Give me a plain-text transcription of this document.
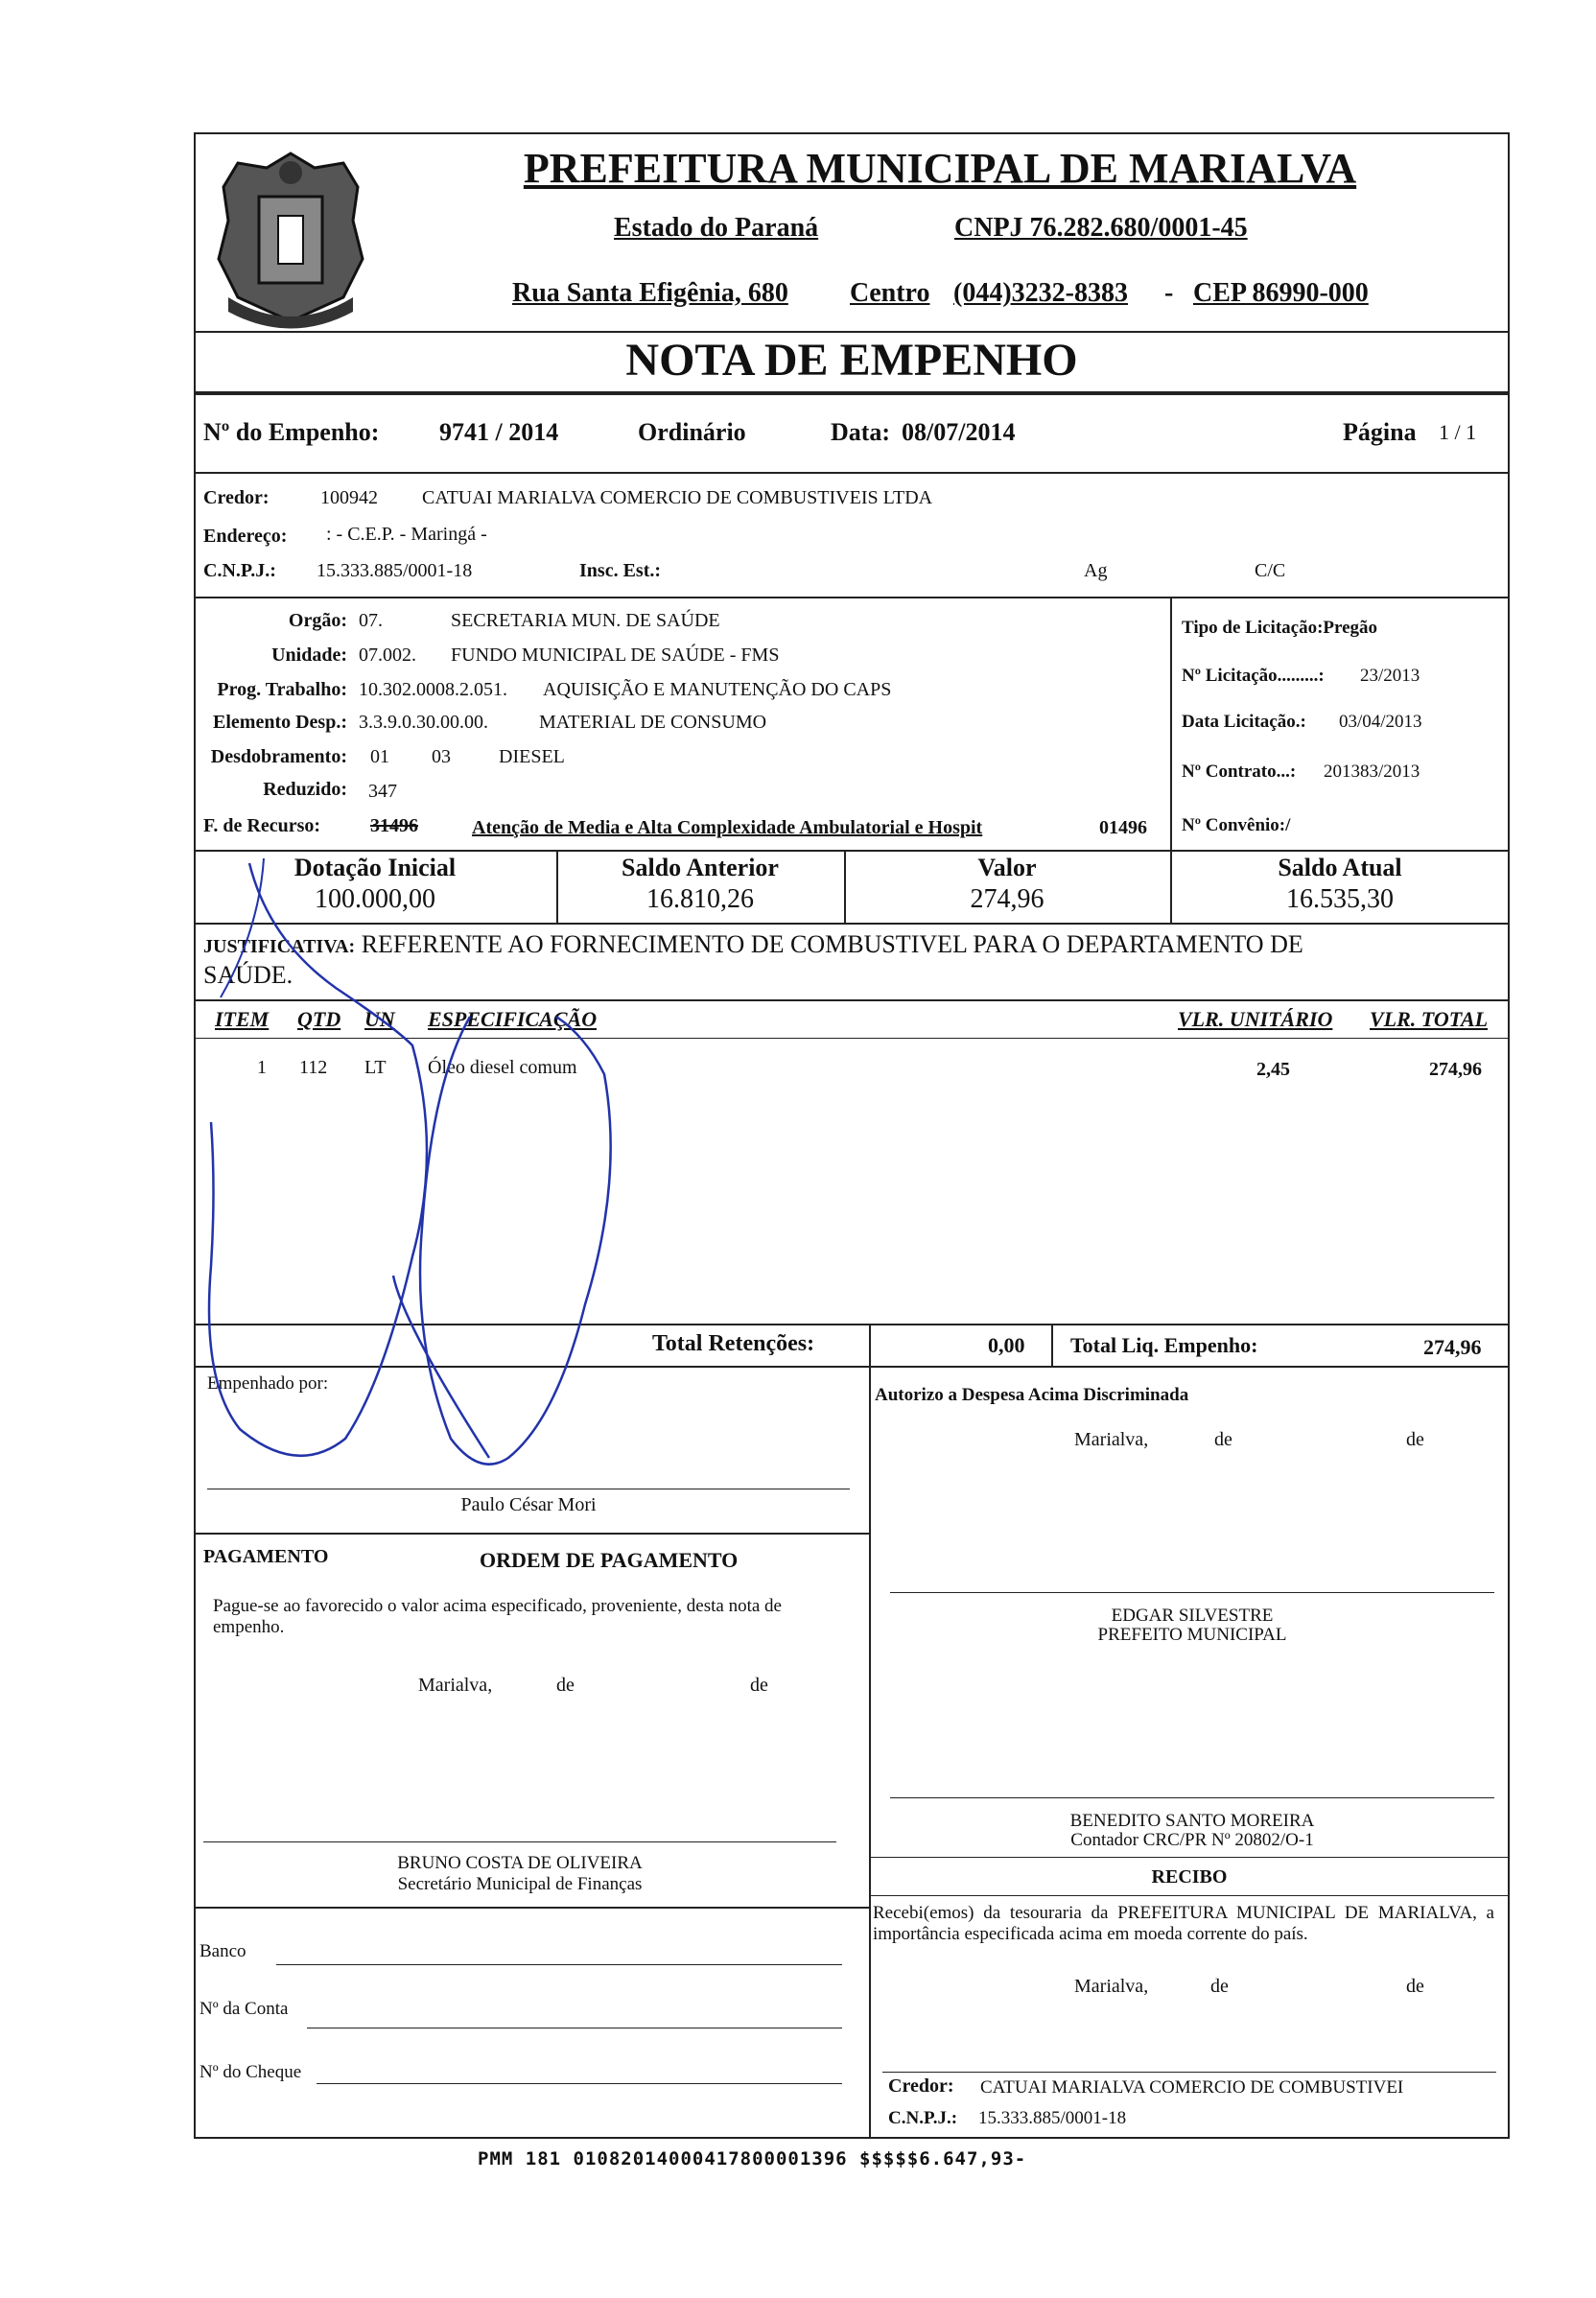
PREFEITURA MUNICIPAL DE MARIALVA
Estado do Paraná	CNPJ 76.282.680/0001-45
Rua Santa Efigênia, 680 Centro (044)3232-8383 - CEP 86990-000
NOTA DE EMPENHO
Nº do Empenho: 9741 / 2014	Ordinário	Data: 08/07/2014	Página 1 / 1
Credor:	100942 CATUAI MARIALVA COMERCIO DE COMBUSTIVEIS LTDA
Endereço: : - C.E.P. - Maringá -
C.N.P.J.: 15.333.885/0001-18	Insc. Est.:	Ag	C/C
Orgão: 07.	SECRETARIA MUN. DE SAÚDE
Unidade: 07.002. FUNDO MUNICIPAL DE SAÚDE - FMS
Prog. Trabalho: 10.302.0008.2.051. AQUISIÇÃO E MANUTENÇÃO DO CAPS
Elemento Desp.: 3.3.9.0.30.00.00.	MATERIAL DE CONSUMO
Desdobramento: 01 03	DIESEL
Reduzido: 347
F. de Recurso:	31496	Atenção de Media e Alta Complexidade Ambulatorial e Hospit	01496
Tipo de Licitação:Pregão
Nº Licitação.........: 23/2013
Data Licitação.: 03/04/2013
Nº Contrato...: 201383/2013
Nº Convênio:/
Dotação Inicial
100.000,00
Saldo Anterior
16.810,26
Valor
274,96
Saldo Atual
16.535,30
JUSTIFICATIVA: REFERENTE AO FORNECIMENTO DE COMBUSTIVEL PARA O DEPARTAMENTO DE
SAÚDE.
ITEM QTD UN ESPECIFICAÇÃO	VLR. UNITÁRIO VLR. TOTAL
1 112 LT Óleo diesel comum	2,45	274,96
Total Retenções:	0,00 Total Liq. Empenho:	274,96
Empenhado por:
Paulo César Mori
PAGAMENTO	ORDEM DE PAGAMENTO
Pague-se ao favorecido o valor acima especificado, proveniente, desta nota de empenho.
Marialva,	de	de
BRUNO COSTA DE OLIVEIRA
Secretário Municipal de Finanças
Banco
Nº da Conta
Nº do Cheque
Autorizo a Despesa Acima Discriminada
Marialva,	de	de
EDGAR SILVESTRE
PREFEITO MUNICIPAL
BENEDITO SANTO MOREIRA
Contador CRC/PR Nº 20802/O-1
RECIBO
Recebi(emos) da tesouraria da PREFEITURA MUNICIPAL DE MARIALVA, a importância especificada acima em moeda corrente do país.
Marialva,	de	de
Credor: CATUAI MARIALVA COMERCIO DE COMBUSTIVEI
C.N.P.J.: 15.333.885/0001-18
PMM 181 01082014000417800001396 $$$$$6.647,93-
